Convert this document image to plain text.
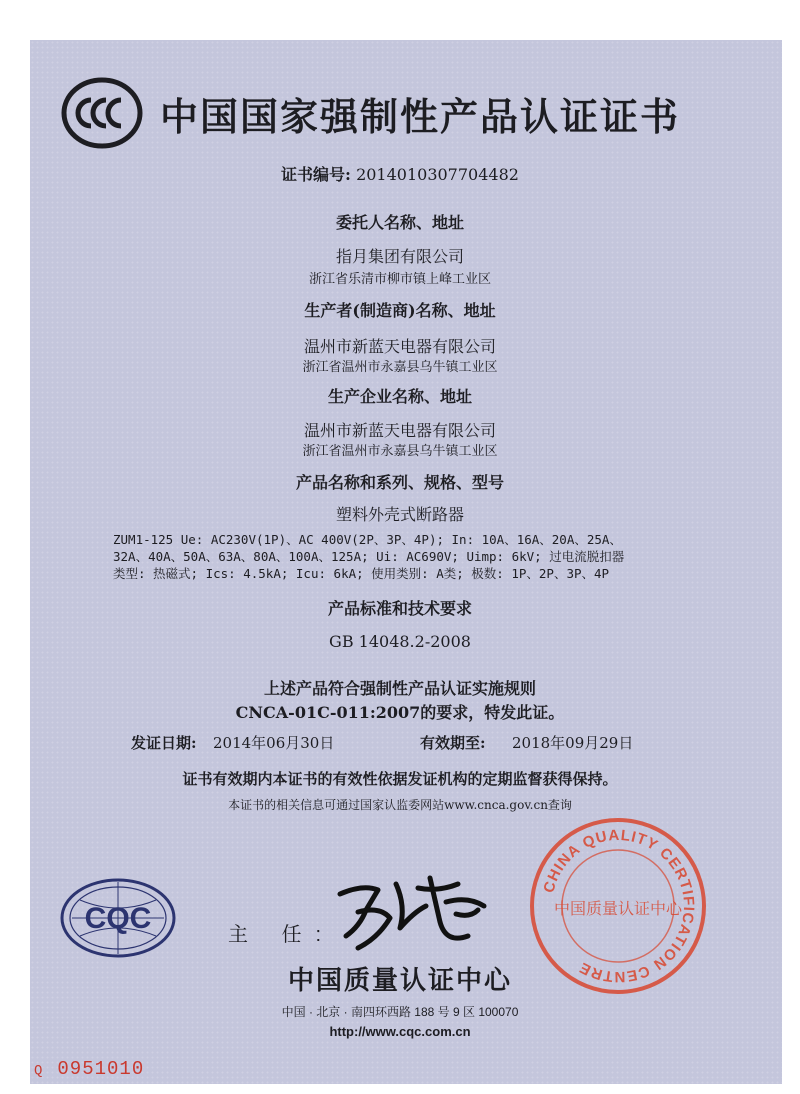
中国国家强制性产品认证证书
证书编号: 2014010307704482
委托人名称、地址
指月集团有限公司
浙江省乐清市柳市镇上峰工业区
生产者(制造商)名称、地址
温州市新蓝天电器有限公司
浙江省温州市永嘉县乌牛镇工业区
生产企业名称、地址
温州市新蓝天电器有限公司
浙江省温州市永嘉县乌牛镇工业区
产品名称和系列、规格、型号
塑料外壳式断路器
ZUM1-125 Ue: AC230V(1P)、AC 400V(2P、3P、4P); In: 10A、16A、20A、25A、
32A、40A、50A、63A、80A、100A、125A; Ui: AC690V; Uimp: 6kV; 过电流脱扣器
类型: 热磁式; Ics: 4.5kA; Icu: 6kA; 使用类别: A类; 极数: 1P、2P、3P、4P
产品标准和技术要求
GB 14048.2-2008
上述产品符合强制性产品认证实施规则
CNCA-01C-011:2007的要求，特发此证。
发证日期: 2014年06月30日	有效期至: 2018年09月29日
证书有效期内本证书的有效性依据发证机构的定期监督获得保持。
本证书的相关信息可通过国家认监委网站www.cnca.gov.cn查询
CQC	主 任:
中国质量认证中心
中国 · 北京 · 南四环西路 188 号 9 区 100070
http://www.cqc.com.cn
CHINA QUALITY CERTIFICATION CENTRE
中国质量认证中心
Q 0951010
